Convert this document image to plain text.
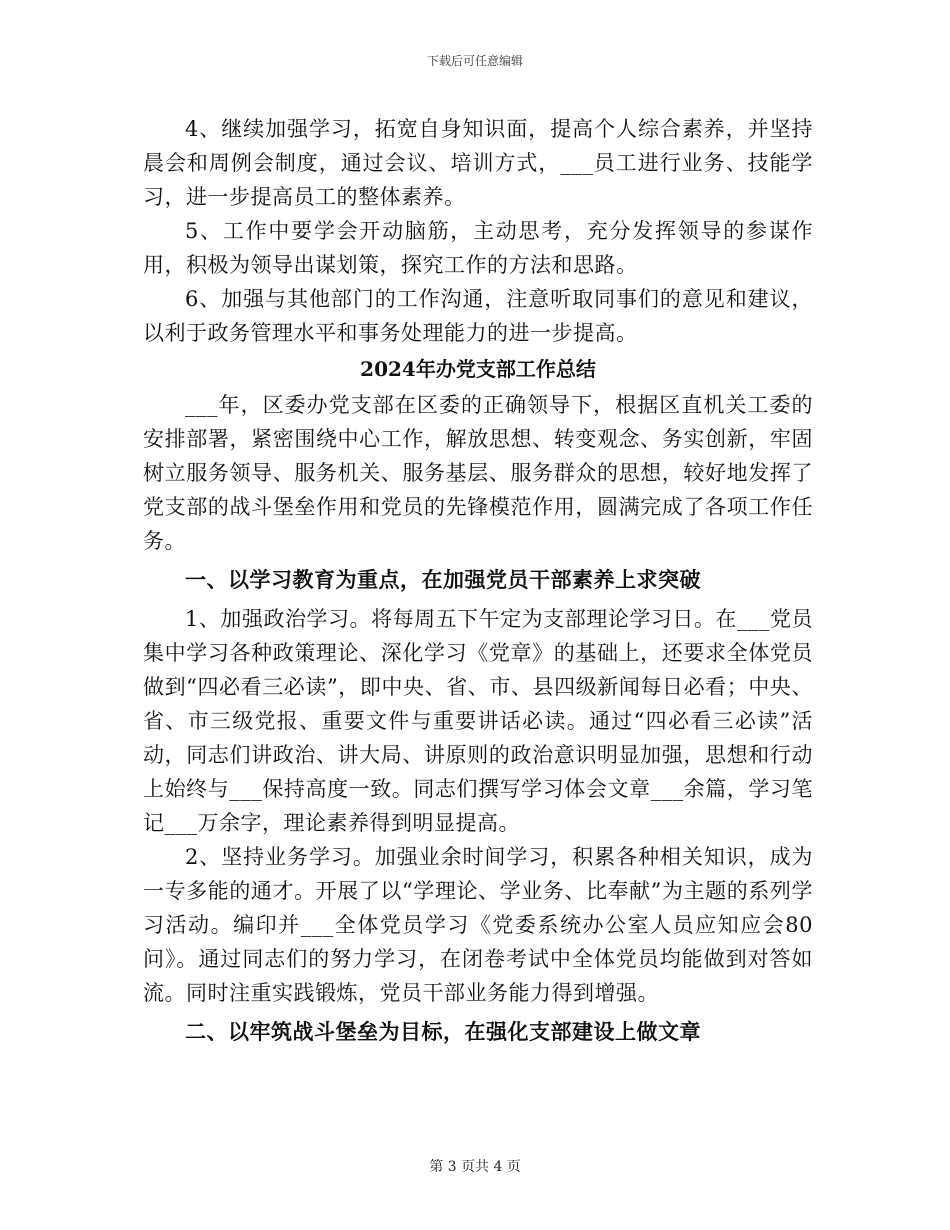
下载后可任意编辑

4、继续加强学习，拓宽自身知识面，提高个人综合素养，并坚持晨会和周例会制度，通过会议、培训方式，___员工进行业务、技能学习，进一步提高员工的整体素养。

5、工作中要学会开动脑筋，主动思考，充分发挥领导的参谋作用，积极为领导出谋划策，探究工作的方法和思路。

6、加强与其他部门的工作沟通，注意听取同事们的意见和建议，以利于政务管理水平和事务处理能力的进一步提高。

2024年办党支部工作总结

___年，区委办党支部在区委的正确领导下，根据区直机关工委的安排部署，紧密围绕中心工作，解放思想、转变观念、务实创新，牢固树立服务领导、服务机关、服务基层、服务群众的思想，较好地发挥了党支部的战斗堡垒作用和党员的先锋模范作用，圆满完成了各项工作任务。

一、以学习教育为重点，在加强党员干部素养上求突破

1、加强政治学习。将每周五下午定为支部理论学习日。在___党员集中学习各种政策理论、深化学习《党章》的基础上，还要求全体党员做到“四必看三必读”，即中央、省、市、县四级新闻每日必看；中央、省、市三级党报、重要文件与重要讲话必读。通过“四必看三必读”活动，同志们讲政治、讲大局、讲原则的政治意识明显加强，思想和行动上始终与___保持高度一致。同志们撰写学习体会文章___余篇，学习笔记___万余字，理论素养得到明显提高。

2、坚持业务学习。加强业余时间学习，积累各种相关知识，成为一专多能的通才。开展了以“学理论、学业务、比奉献”为主题的系列学习活动。编印并___全体党员学习《党委系统办公室人员应知应会80问》。通过同志们的努力学习，在闭卷考试中全体党员均能做到对答如流。同时注重实践锻炼，党员干部业务能力得到增强。

二、以牢筑战斗堡垒为目标，在强化支部建设上做文章

第 3 页共 4 页
